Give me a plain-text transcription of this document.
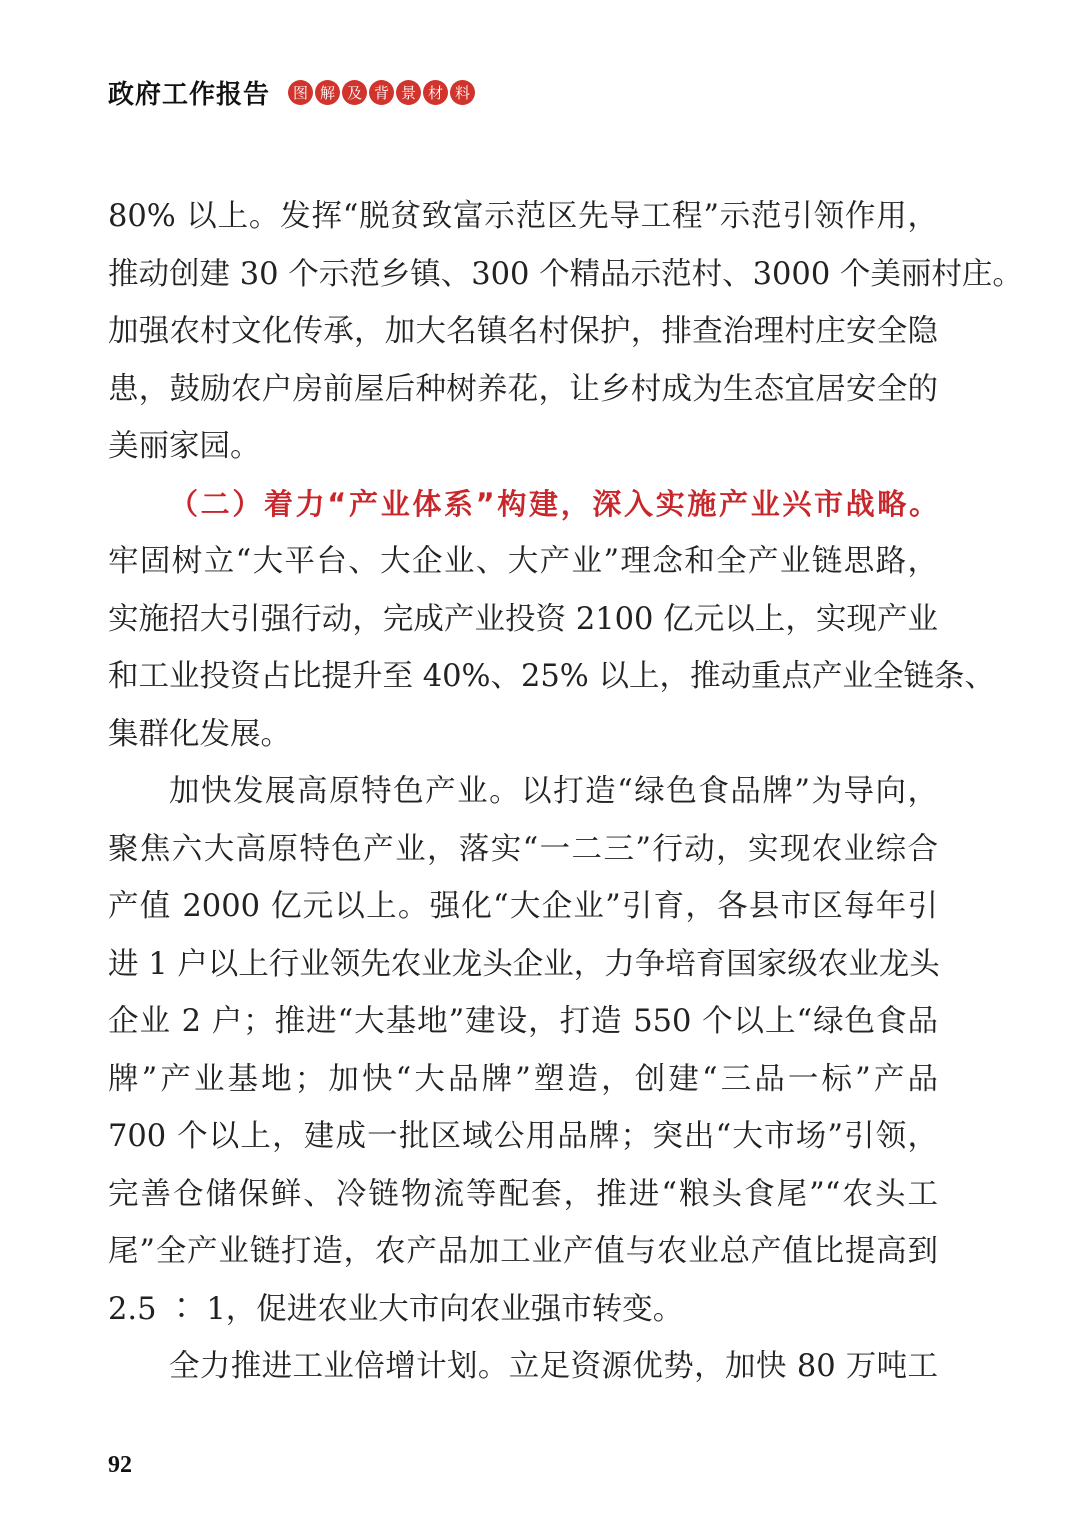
政府工作报告	图 解 及 背 景 材 料
80% 以上。发挥“脱贫致富示范区先导工程”示范引领作用，
推动创建 30 个示范乡镇、300 个精品示范村、3000 个美丽村庄。
加强农村文化传承，加大名镇名村保护，排查治理村庄安全隐
患，鼓励农户房前屋后种树养花，让乡村成为生态宜居安全的
美丽家园。
（二）着力“产业体系”构建，深入实施产业兴市战略。
牢固树立“大平台、大企业、大产业”理念和全产业链思路，
实施招大引强行动，完成产业投资 2100 亿元以上，实现产业
和工业投资占比提升至 40%、25% 以上，推动重点产业全链条、
集群化发展。
加快发展高原特色产业。以打造“绿色食品牌”为导向，
聚焦六大高原特色产业，落实“一二三”行动，实现农业综合
产值 2000 亿元以上。强化“大企业”引育，各县市区每年引
进 1 户以上行业领先农业龙头企业，力争培育国家级农业龙头
企业 2 户；推进“大基地”建设，打造 550 个以上“绿色食品
牌”产业基地；加快“大品牌”塑造，创建“三品一标”产品
700 个以上，建成一批区域公用品牌；突出“大市场”引领，
完善仓储保鲜、冷链物流等配套，推进“粮头食尾”“农头工
尾”全产业链打造，农产品加工业产值与农业总产值比提高到
2.5 ∶ 1，促进农业大市向农业强市转变。
全力推进工业倍增计划。立足资源优势，加快 80 万吨工
92
